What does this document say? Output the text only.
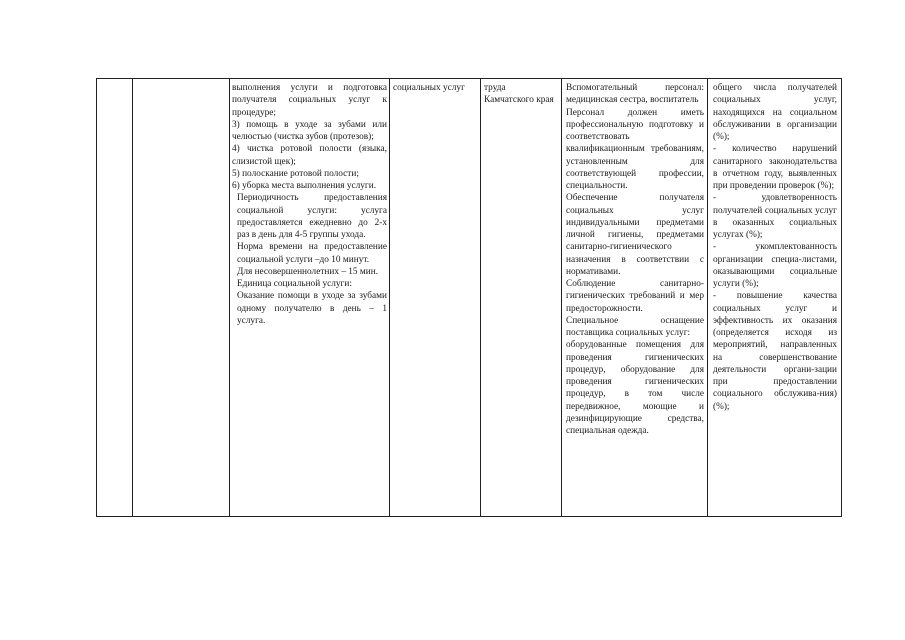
выполнения услуги и подготовка получателя социальных услуг к процедуре;

3) помощь в уходе за зубами или челюстью (чистка зубов (протезов);

4) чистка ротовой полости (языка, слизистой щек);

5) полоскание ротовой полости;

6) уборка места выполнения услуги.

Периодичность предоставления социальной услуги: услуга предоставляется ежедневно до 2-х раз в день для 4-5 группы ухода.

Норма времени на предоставление социальной услуги –до 10 минут.

Для несовершеннолетних – 15 мин.

Единица социальной услуги:

Оказание помощи в уходе за зубами одному получателю в день – 1 услуга.

социальных услуг	труда Камчатского края

Вспомогательный персонал: медицинская сестра, воспитатель

Персонал должен иметь профессиональную подготовку и соответствовать квалификационным требованиям, установленным для соответствующей профессии, специальности.

Обеспечение получателя социальных услуг индивидуальными предметами личной гигиены, предметами санитарно-гигиенического назначения в соответствии с нормативами.

Соблюдение санитарно-гигиенических требований и мер предосторожности.

Специальное оснащение поставщика социальных услуг:

оборудованные помещения для проведения гигиенических процедур, оборудование для проведения гигиенических процедур, в том числе передвижное, моющие и дезинфицирующие средства, специальная одежда.

общего числа получателей социальных услуг, находящихся на социальном обслуживании в организации (%);

- количество нарушений санитарного законодательства в отчетном году, выявленных при проведении проверок (%);

- удовлетворенность получателей социальных услуг в оказанных социальных услугах (%);

- укомплектованность организации специа-листами, оказывающими социальные услуги (%);

- повышение качества социальных услуг и эффективность их оказания (определяется исходя из мероприятий, направленных на совершенствование деятельности органи-зации при предоставлении социального обслужива-ния) (%);
